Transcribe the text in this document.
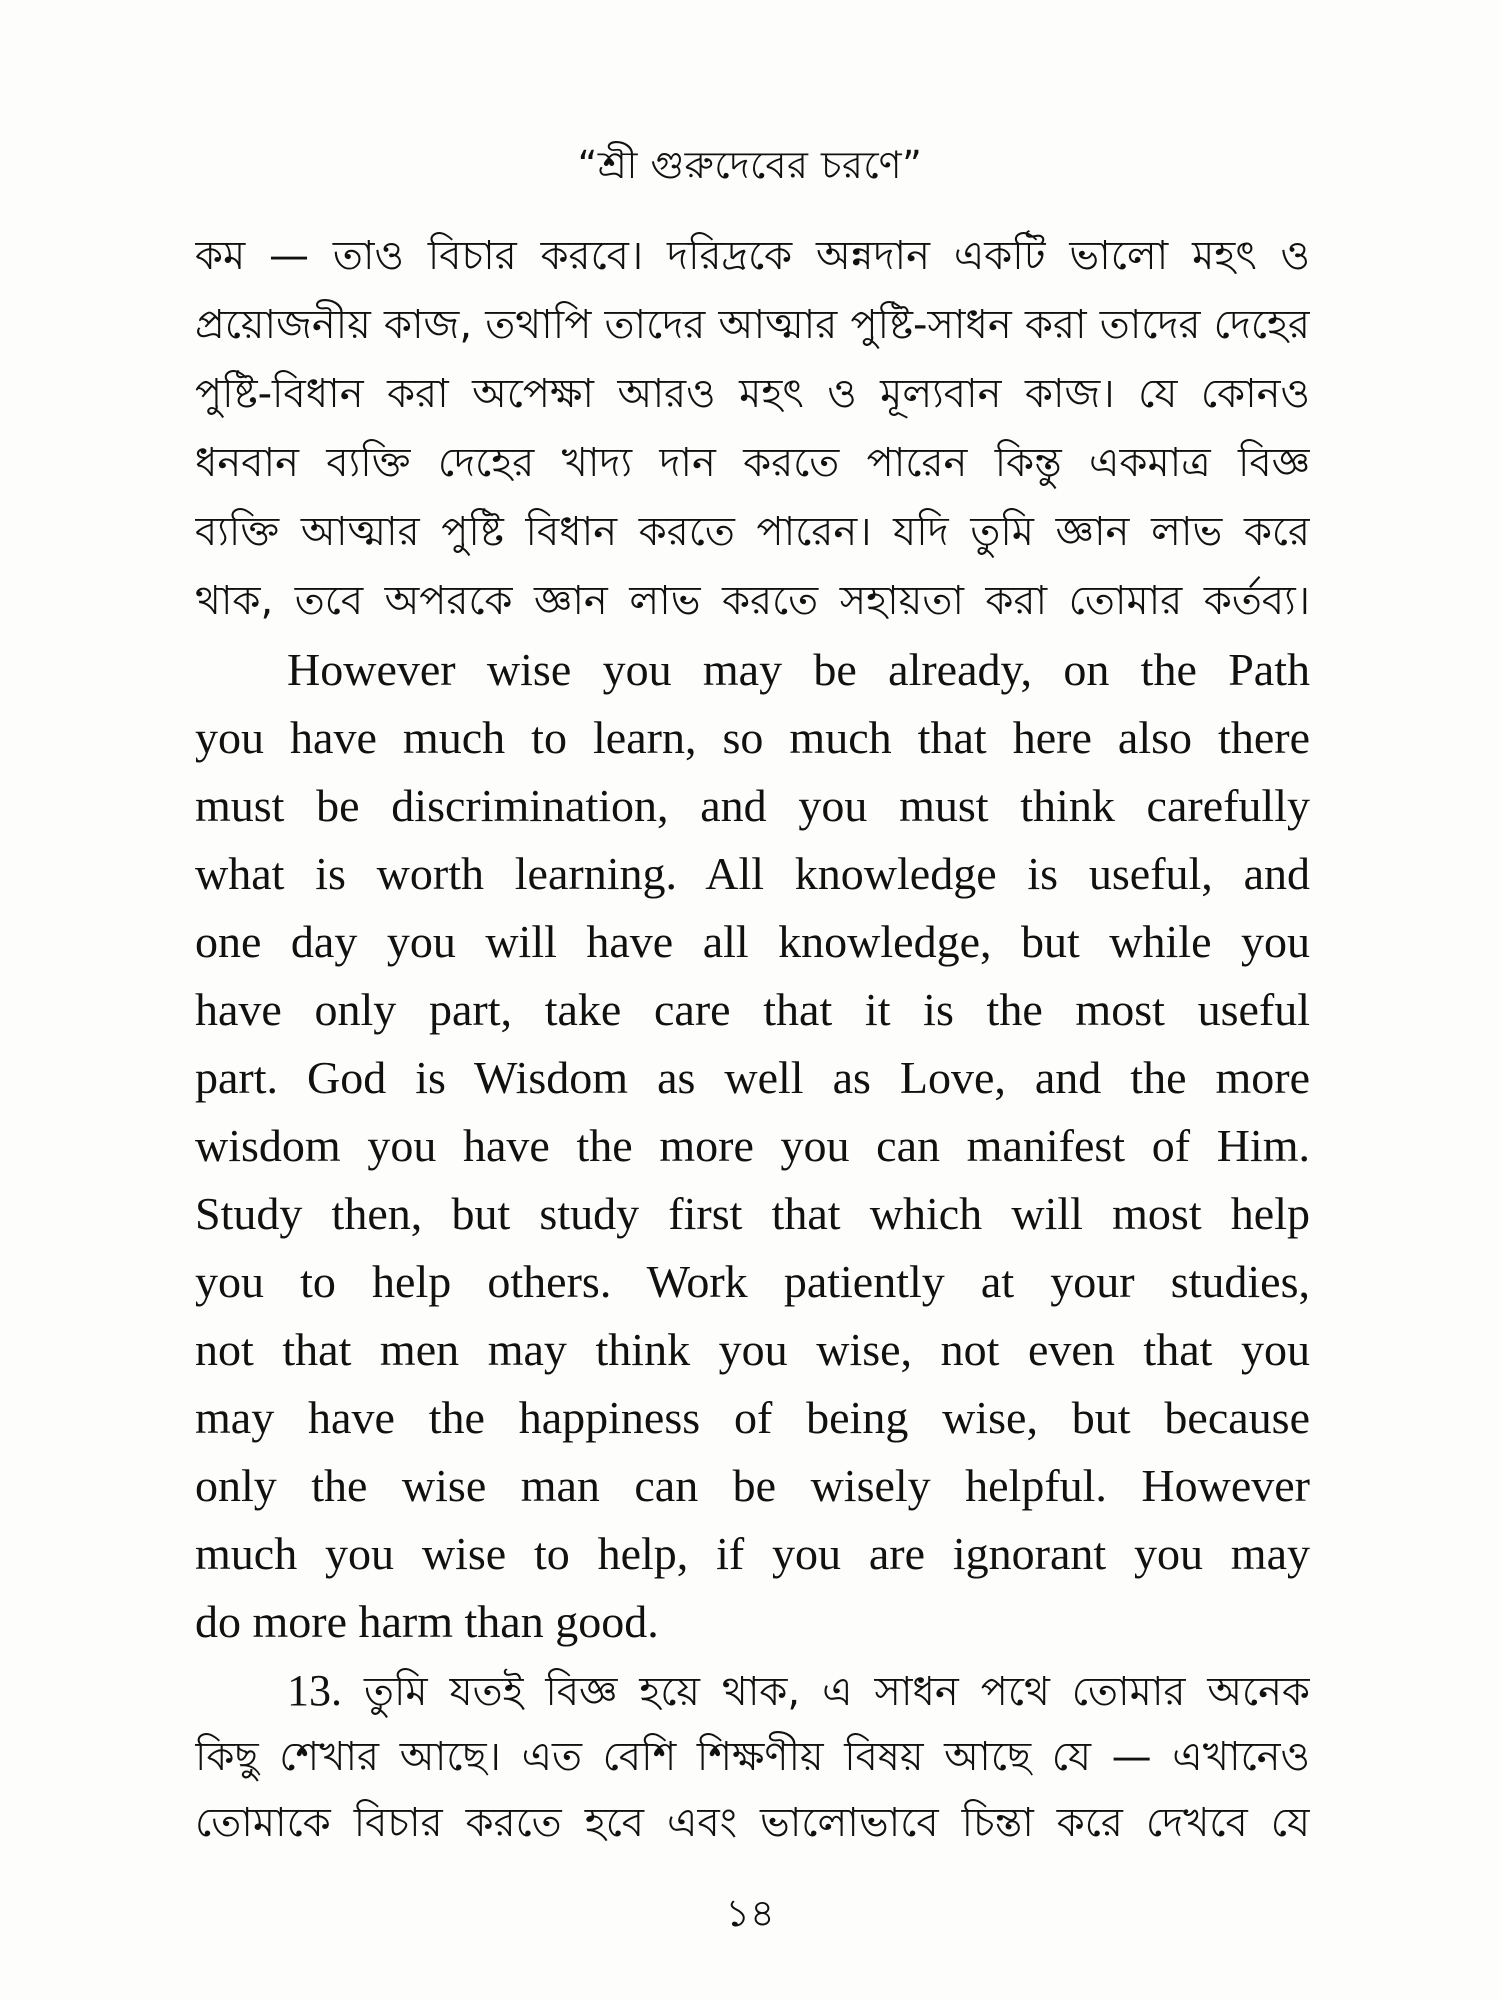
“শ্রী গুরুদেবের চরণে”
কম — তাও বিচার করবে। দরিদ্রকে অন্নদান একটি ভালো মহৎ ও
প্রয়োজনীয় কাজ, তথাপি তাদের আত্মার পুষ্টি-সাধন করা তাদের দেহের
পুষ্টি-বিধান করা অপেক্ষা আরও মহৎ ও মূল্যবান কাজ। যে কোনও
ধনবান ব্যক্তি দেহের খাদ্য দান করতে পারেন কিন্তু একমাত্র বিজ্ঞ
ব্যক্তি আত্মার পুষ্টি বিধান করতে পারেন। যদি তুমি জ্ঞান লাভ করে
থাক, তবে অপরকে জ্ঞান লাভ করতে সহায়তা করা তোমার কর্তব্য।
However wise you may be already, on the Path
you have much to learn, so much that here also there
must be discrimination, and you must think carefully
what is worth learning. All knowledge is useful, and
one day you will have all knowledge, but while you
have only part, take care that it is the most useful
part. God is Wisdom as well as Love, and the more
wisdom you have the more you can manifest of Him.
Study then, but study first that which will most help
you to help others. Work patiently at your studies,
not that men may think you wise, not even that you
may have the happiness of being wise, but because
only the wise man can be wisely helpful. However
much you wise to help, if you are ignorant you may
do more harm than good.
13. তুমি যতই বিজ্ঞ হয়ে থাক, এ সাধন পথে তোমার অনেক
কিছু শেখার আছে। এত বেশি শিক্ষণীয় বিষয় আছে যে — এখানেও
তোমাকে বিচার করতে হবে এবং ভালোভাবে চিন্তা করে দেখবে যে
১৪
